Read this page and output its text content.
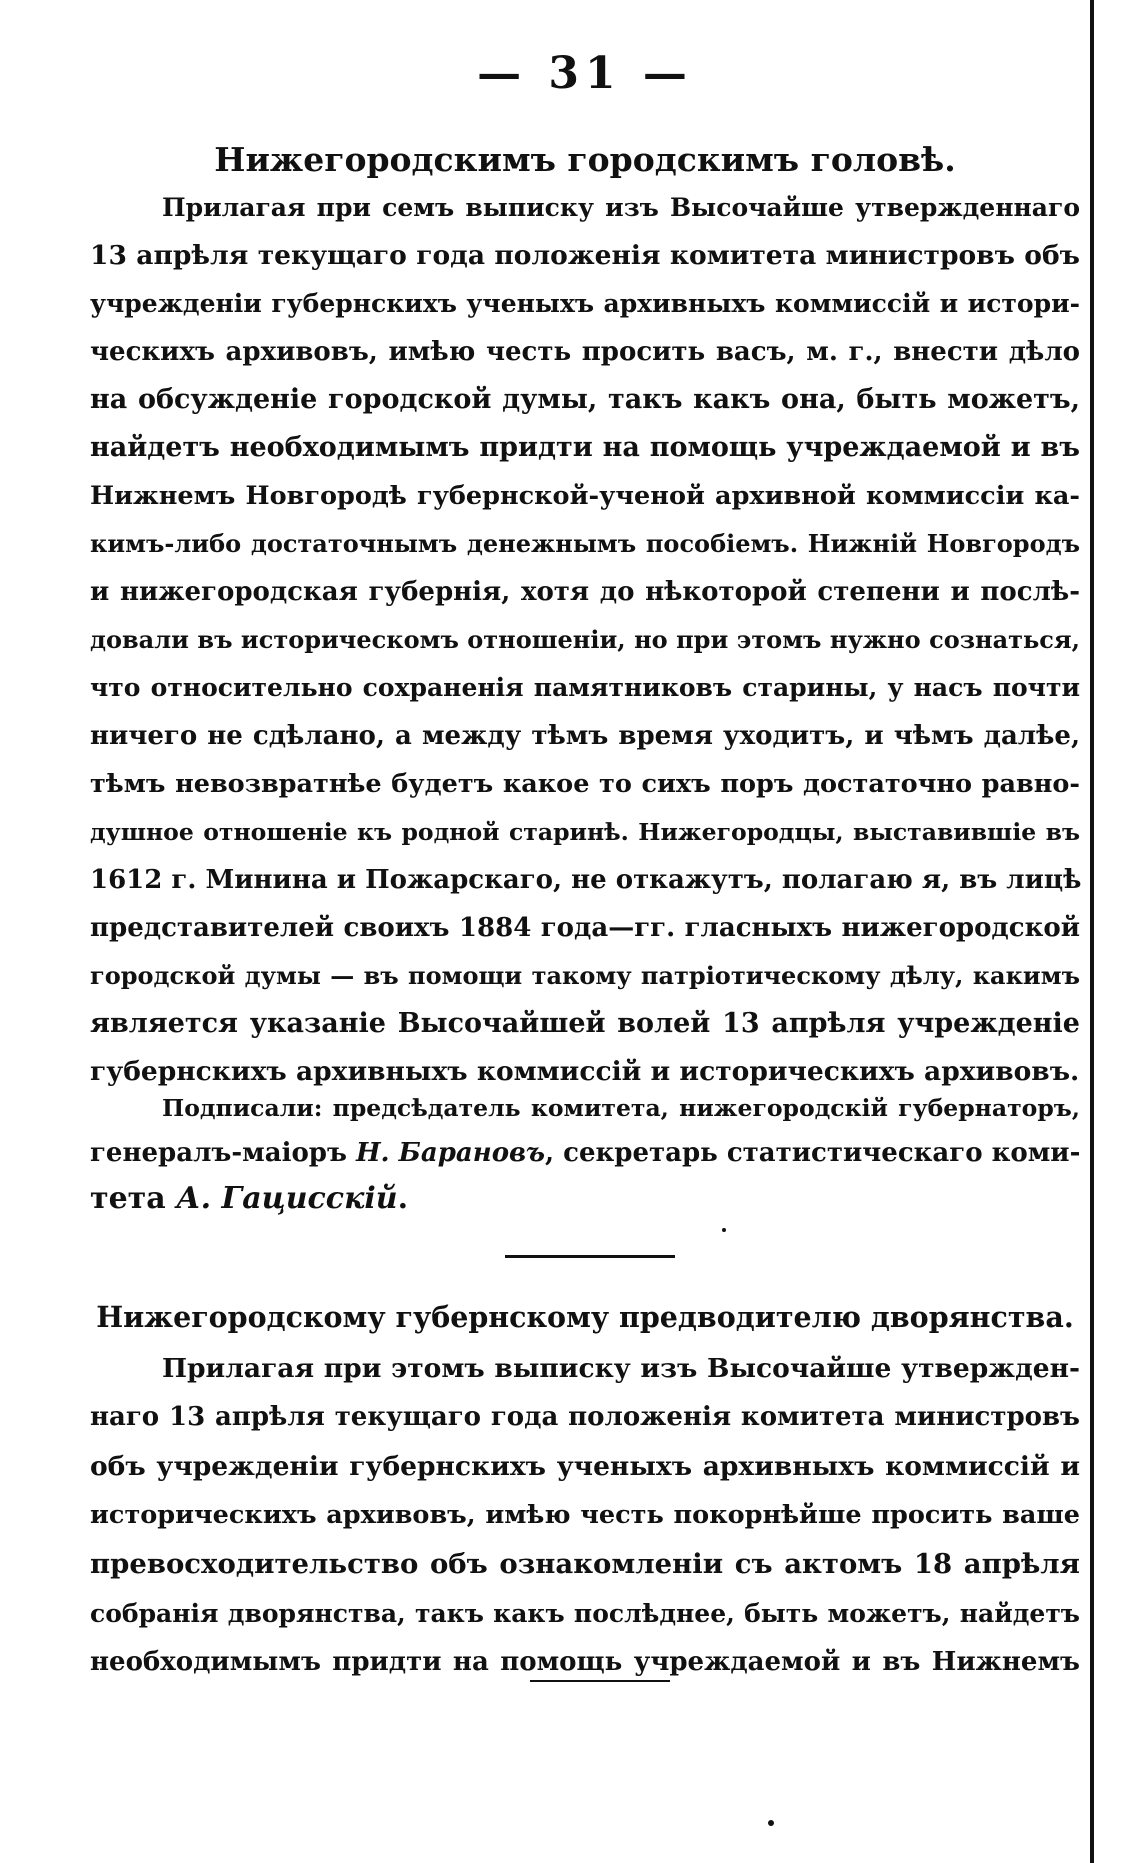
— 31 —
Нижегородскимъ городскимъ головѣ.
Прилагая при семъ выписку изъ Высочайше утвержденнаго
13 апрѣля текущаго года положенія комитета министровъ объ
учрежденіи губернскихъ ученыхъ архивныхъ коммиссій и истори-
ческихъ архивовъ, имѣю честь просить васъ, м. г., внести дѣло
на обсужденіе городской думы, такъ какъ она, быть можетъ,
найдетъ необходимымъ придти на помощь учреждаемой и въ
Нижнемъ Новгородѣ губернской-ученой архивной коммиссіи ка-
кимъ-либо достаточнымъ денежнымъ пособіемъ. Нижній Новгородъ
и нижегородская губернія, хотя до нѣкоторой степени и послѣ-
довали въ историческомъ отношеніи, но при этомъ нужно сознаться,
что относительно сохраненія памятниковъ старины, у насъ почти
ничего не сдѣлано, а между тѣмъ время уходитъ, и чѣмъ далѣе,
тѣмъ невозвратнѣе будетъ какое то сихъ поръ достаточно равно-
душное отношеніе къ родной старинѣ. Нижегородцы, выставившіе въ
1612 г. Минина и Пожарскаго, не откажутъ, полагаю я, въ лицѣ
представителей своихъ 1884 года—гг. гласныхъ нижегородской
городской думы — въ помощи такому патріотическому дѣлу, какимъ
является указаніе Высочайшей волей 13 апрѣля учрежденіе
губернскихъ архивныхъ коммиссій и историческихъ архивовъ.
Подписали: предсѣдатель комитета, нижегородскій губернаторъ,
генералъ-маіоръ Н. Барановъ, секретарь статистическаго коми-
тета А. Гацисскій.
Нижегородскому губернскому предводителю дворянства.
Прилагая при этомъ выписку изъ Высочайше утвержден-
наго 13 апрѣля текущаго года положенія комитета министровъ
объ учрежденіи губернскихъ ученыхъ архивныхъ коммиссій и
историческихъ архивовъ, имѣю честь покорнѣйше просить ваше
превосходительство объ ознакомленіи съ актомъ 18 апрѣля
собранія дворянства, такъ какъ послѣднее, быть можетъ, найдетъ
необходимымъ придти на помощь учреждаемой и въ Нижнемъ
